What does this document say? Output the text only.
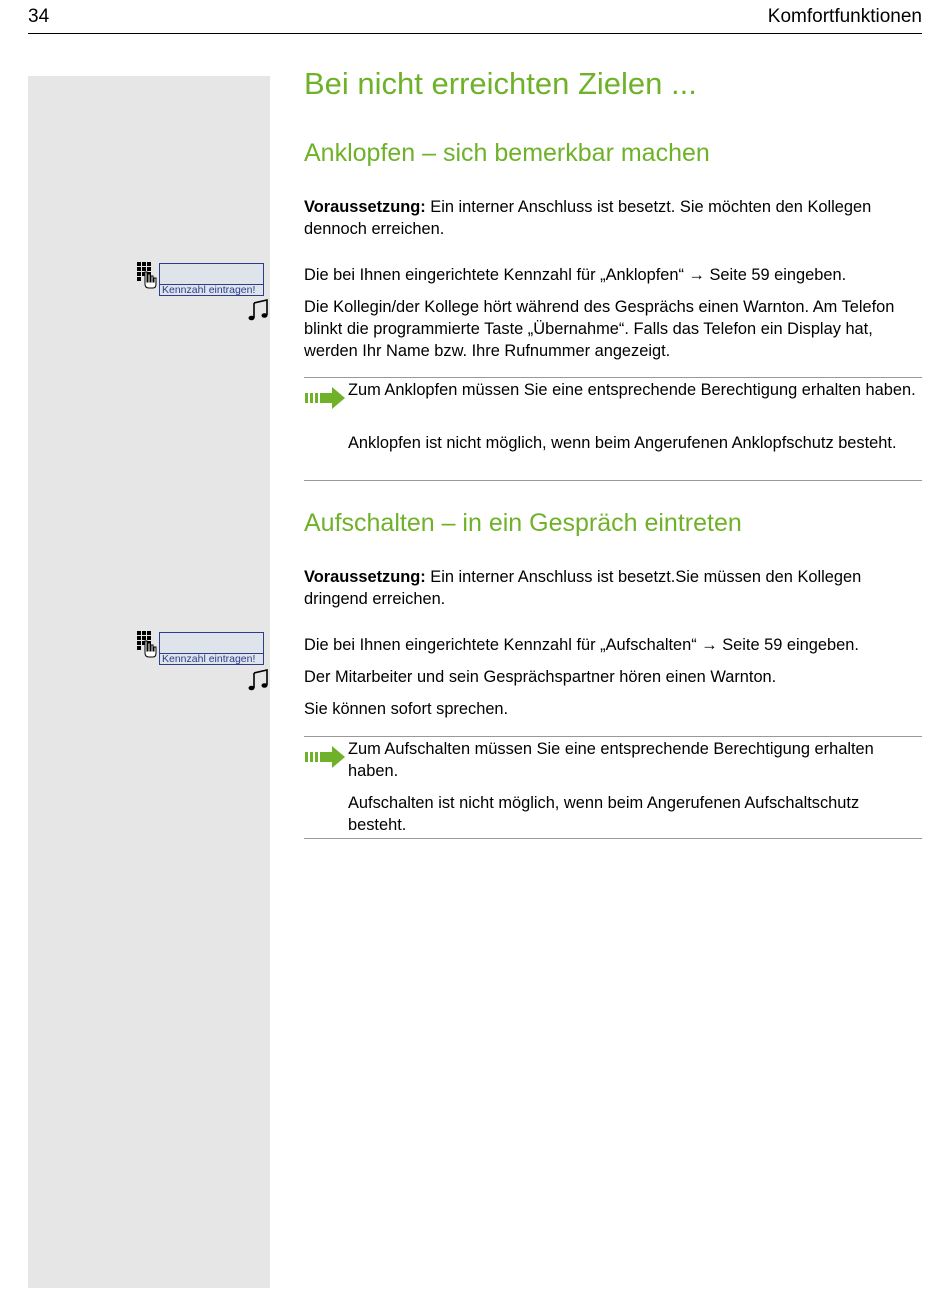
34	Komfortfunktionen
Bei nicht erreichten Zielen ...
Anklopfen – sich bemerkbar machen
Voraussetzung: Ein interner Anschluss ist besetzt. Sie möchten den Kollegen dennoch erreichen.
Kennzahl eintragen!
Die bei Ihnen eingerichtete Kennzahl für „Anklopfen“ → Seite 59 eingeben.
Die Kollegin/der Kollege hört während des Gesprächs einen Warnton. Am Telefon blinkt die programmierte Taste „Übernahme“. Falls das Telefon ein Display hat, werden Ihr Name bzw. Ihre Rufnummer angezeigt.
Zum Anklopfen müssen Sie eine entsprechende Berechtigung erhalten haben.
Anklopfen ist nicht möglich, wenn beim Angerufenen Anklopfschutz besteht.
Aufschalten – in ein Gespräch eintreten
Voraussetzung: Ein interner Anschluss ist besetzt.Sie müssen den Kollegen dringend erreichen.
Kennzahl eintragen!
Die bei Ihnen eingerichtete Kennzahl für „Aufschalten“ → Seite 59 eingeben.
Der Mitarbeiter und sein Gesprächspartner hören einen Warnton.
Sie können sofort sprechen.
Zum Aufschalten müssen Sie eine entsprechende Berechtigung erhalten haben.
Aufschalten ist nicht möglich, wenn beim Angerufenen Aufschaltschutz besteht.
